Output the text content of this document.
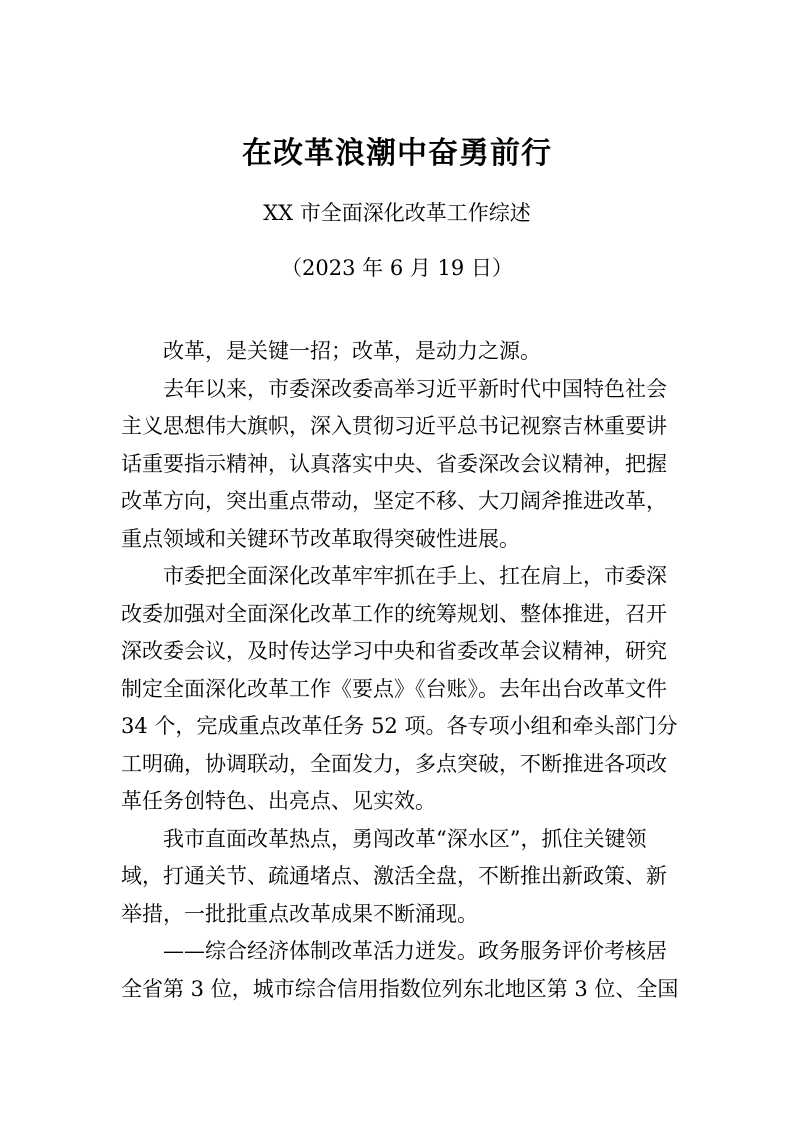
在改革浪潮中奋勇前行

XX 市全面深化改革工作综述

（2023 年 6 月 19 日）

改革，是关键一招；改革，是动力之源。

去年以来，市委深改委高举习近平新时代中国特色社会主义思想伟大旗帜，深入贯彻习近平总书记视察吉林重要讲话重要指示精神，认真落实中央、省委深改会议精神，把握改革方向，突出重点带动，坚定不移、大刀阔斧推进改革， 重点领域和关键环节改革取得突破性进展。

市委把全面深化改革牢牢抓在手上、扛在肩上，市委深改委加强对全面深化改革工作的统筹规划、整体推进，召开深改委会议，及时传达学习中央和省委改革会议精神，研究制定全面深化改革工作《要点》《台账》。去年出台改革文件 34 个，完成重点改革任务 52 项。各专项小组和牵头部门分工明确，协调联动，全面发力，多点突破，不断推进各项改革任务创特色、出亮点、见实效。

我市直面改革热点，勇闯改革“深水区”，抓住关键领域，打通关节、疏通堵点、激活全盘，不断推出新政策、新举措，一批批重点改革成果不断涌现。

——综合经济体制改革活力迸发。政务服务评价考核居全省第 3 位，城市综合信用指数位列东北地区第 3 位、全国
